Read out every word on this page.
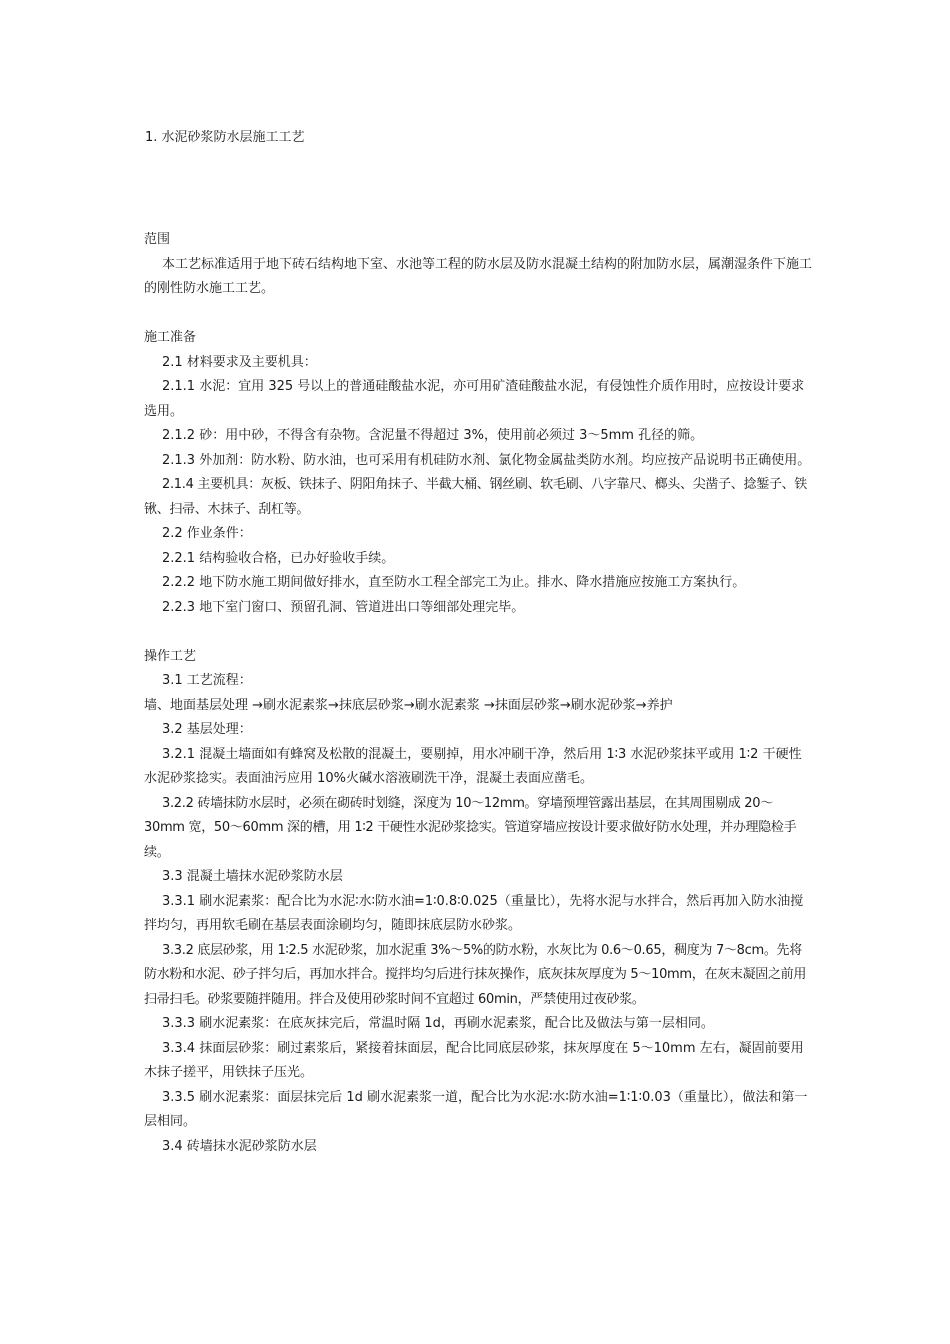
1. 水泥砂浆防水层施工工艺

范围

本工艺标准适用于地下砖石结构地下室、水池等工程的防水层及防水混凝土结构的附加防水层，属潮湿条件下施工的刚性防水施工工艺。

施工准备

2.1 材料要求及主要机具：

2.1.1 水泥：宜用 325 号以上的普通硅酸盐水泥，亦可用矿渣硅酸盐水泥，有侵蚀性介质作用时，应按设计要求选用。

2.1.2 砂：用中砂，不得含有杂物。含泥量不得超过 3%，使用前必须过 3～5mm 孔径的筛。

2.1.3 外加剂：防水粉、防水油，也可采用有机硅防水剂、氯化物金属盐类防水剂。均应按产品说明书正确使用。

2.1.4 主要机具：灰板、铁抹子、阴阳角抹子、半截大桶、钢丝刷、软毛刷、八字靠尺、榔头、尖凿子、捻錾子、铁锹、扫帚、木抹子、刮杠等。

2.2 作业条件：

2.2.1 结构验收合格，已办好验收手续。

2.2.2 地下防水施工期间做好排水，直至防水工程全部完工为止。排水、降水措施应按施工方案执行。

2.2.3 地下室门窗口、预留孔洞、管道进出口等细部处理完毕。

操作工艺

3.1 工艺流程：

墙、地面基层处理 →刷水泥素浆→抹底层砂浆→刷水泥素浆 →抹面层砂浆→刷水泥砂浆→养护

3.2 基层处理：

3.2.1 混凝土墙面如有蜂窝及松散的混凝土，要剔掉，用水冲刷干净，然后用 1∶3 水泥砂浆抹平或用 1∶2 干硬性水泥砂浆捻实。表面油污应用 10%火碱水溶液刷洗干净，混凝土表面应凿毛。

3.2.2 砖墙抹防水层时，必须在砌砖时划缝，深度为 10～12mm。穿墙预埋管露出基层，在其周围剔成 20～30mm 宽，50～60mm 深的槽，用 1∶2 干硬性水泥砂浆捻实。管道穿墙应按设计要求做好防水处理，并办理隐检手续。

3.3 混凝土墙抹水泥砂浆防水层

3.3.1 刷水泥素浆：配合比为水泥∶水∶防水油=1∶0.8∶0.025（重量比），先将水泥与水拌合，然后再加入防水油搅拌均匀，再用软毛刷在基层表面涂刷均匀，随即抹底层防水砂浆。

3.3.2 底层砂浆，用 1∶2.5 水泥砂浆，加水泥重 3%～5%的防水粉，水灰比为 0.6～0.65，稠度为 7～8cm。先将防水粉和水泥、砂子拌匀后，再加水拌合。搅拌均匀后进行抹灰操作，底灰抹灰厚度为 5～10mm，在灰末凝固之前用扫帚扫毛。砂浆要随拌随用。拌合及使用砂浆时间不宜超过 60min，严禁使用过夜砂浆。

3.3.3 刷水泥素浆：在底灰抹完后，常温时隔 1d，再刷水泥素浆，配合比及做法与第一层相同。

3.3.4 抹面层砂浆：刷过素浆后，紧接着抹面层，配合比同底层砂浆，抹灰厚度在 5～10mm 左右，凝固前要用木抹子搓平，用铁抹子压光。

3.3.5 刷水泥素浆：面层抹完后 1d 刷水泥素浆一道，配合比为水泥∶水∶防水油=1∶1∶0.03（重量比），做法和第一层相同。

3.4 砖墙抹水泥砂浆防水层
